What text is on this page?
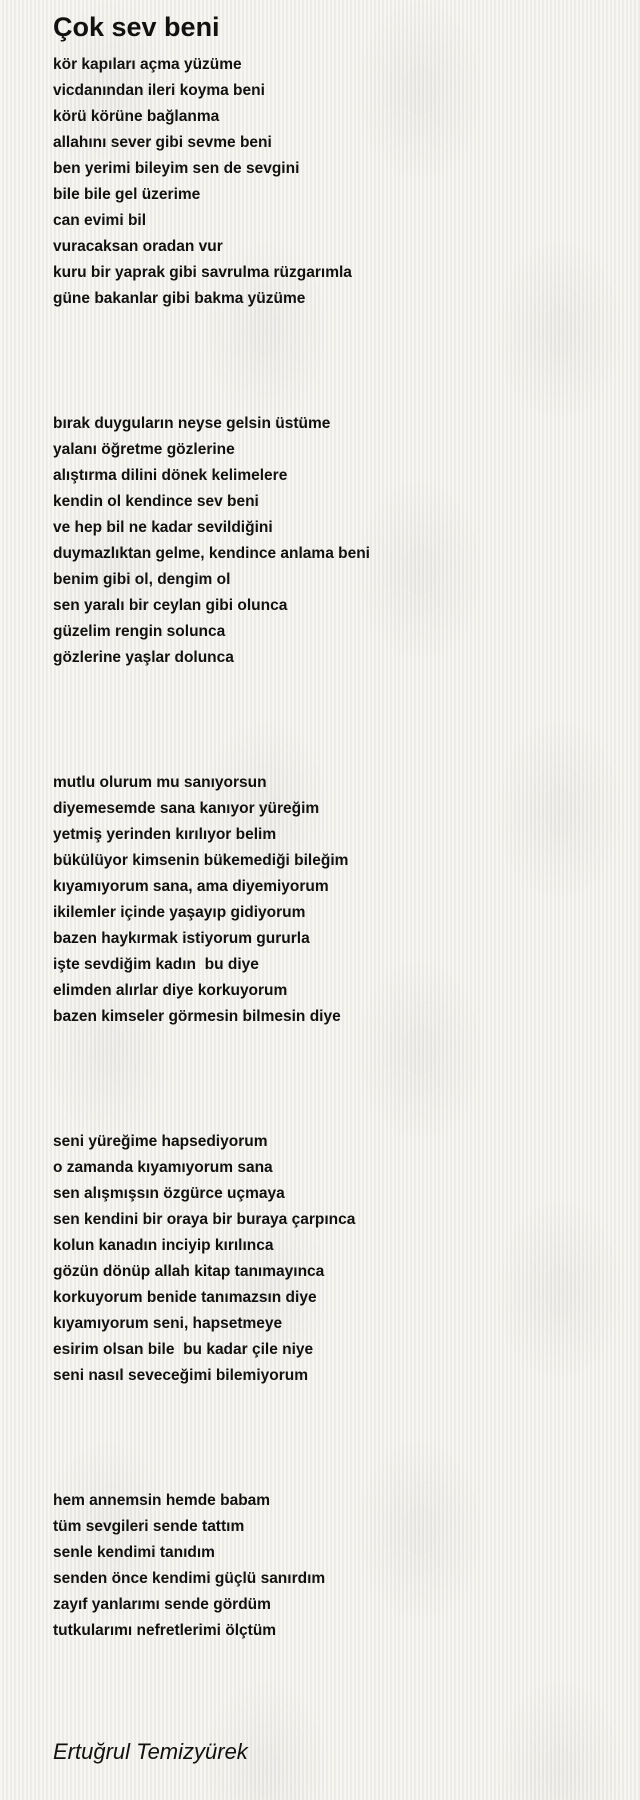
Çok sev beni
kör kapıları açma yüzüme
vicdanından ileri koyma beni
körü körüne bağlanma
allahını sever gibi sevme beni
ben yerimi bileyim sen de sevgini
bile bile gel üzerime
can evimi bil
vuracaksan oradan vur
kuru bir yaprak gibi savrulma rüzgarımla
güne bakanlar gibi bakma yüzüme
bırak duyguların neyse gelsin üstüme
yalanı öğretme gözlerine
alıştırma dilini dönek kelimelere
kendin ol kendince sev beni
ve hep bil ne kadar sevildiğini
duymazlıktan gelme, kendince anlama beni
benim gibi ol, dengim ol
sen yaralı bir ceylan gibi olunca
güzelim rengin solunca
gözlerine yaşlar dolunca
mutlu olurum mu sanıyorsun
diyemesemde sana kanıyor yüreğim
yetmiş yerinden kırılıyor belim
bükülüyor kimsenin bükemediği bileğim
kıyamıyorum sana, ama diyemiyorum
ikilemler içinde yaşayıp gidiyorum
bazen haykırmak istiyorum gururla
işte sevdiğim kadın  bu diye
elimden alırlar diye korkuyorum
bazen kimseler görmesin bilmesin diye
seni yüreğime hapsediyorum
o zamanda kıyamıyorum sana
sen alışmışsın özgürce uçmaya
sen kendini bir oraya bir buraya çarpınca
kolun kanadın inciyip kırılınca
gözün dönüp allah kitap tanımayınca
korkuyorum benide tanımazsın diye
kıyamıyorum seni, hapsetmeye
esirim olsan bile  bu kadar çile niye
seni nasıl seveceğimi bilemiyorum
hem annemsin hemde babam
tüm sevgileri sende tattım
senle kendimi tanıdım
senden önce kendimi güçlü sanırdım
zayıf yanlarımı sende gördüm
tutkularımı nefretlerimi ölçtüm
Ertuğrul Temizyürek
